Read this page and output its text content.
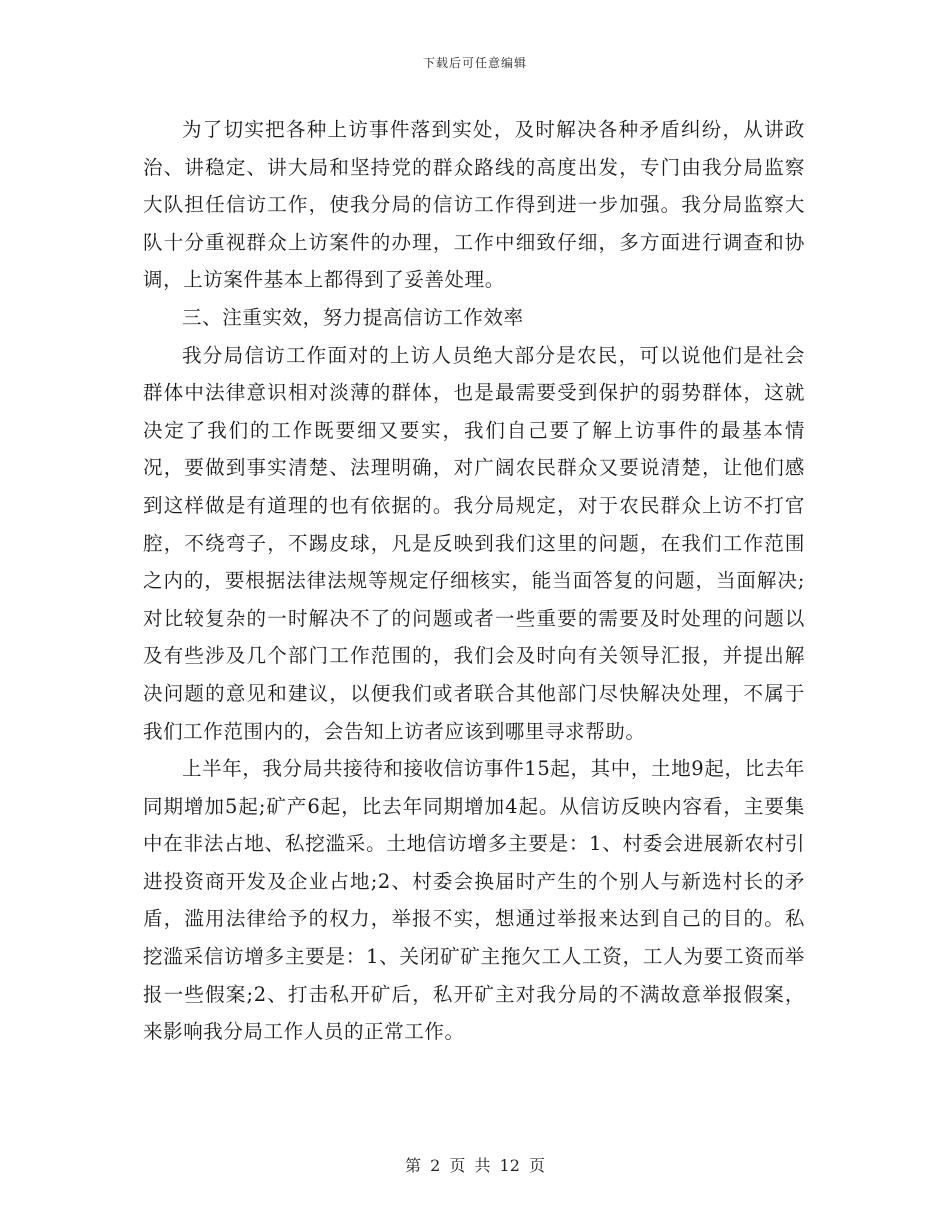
下载后可任意编辑

为了切实把各种上访事件落到实处，及时解决各种矛盾纠纷，从讲政治、讲稳定、讲大局和坚持党的群众路线的高度出发，专门由我分局监察大队担任信访工作，使我分局的信访工作得到进一步加强。我分局监察大队十分重视群众上访案件的办理，工作中细致仔细，多方面进行调查和协调，上访案件基本上都得到了妥善处理。

三、注重实效，努力提高信访工作效率

我分局信访工作面对的上访人员绝大部分是农民，可以说他们是社会群体中法律意识相对淡薄的群体，也是最需要受到保护的弱势群体，这就决定了我们的工作既要细又要实，我们自己要了解上访事件的最基本情况，要做到事实清楚、法理明确，对广阔农民群众又要说清楚，让他们感到这样做是有道理的也有依据的。我分局规定，对于农民群众上访不打官腔，不绕弯子，不踢皮球，凡是反映到我们这里的问题，在我们工作范围之内的，要根据法律法规等规定仔细核实，能当面答复的问题，当面解决;对比较复杂的一时解决不了的问题或者一些重要的需要及时处理的问题以及有些涉及几个部门工作范围的，我们会及时向有关领导汇报，并提出解决问题的意见和建议，以便我们或者联合其他部门尽快解决处理，不属于我们工作范围内的，会告知上访者应该到哪里寻求帮助。

上半年，我分局共接待和接收信访事件15起，其中，土地9起，比去年同期增加5起;矿产6起，比去年同期增加4起。从信访反映内容看，主要集中在非法占地、私挖滥采。土地信访增多主要是：1、村委会进展新农村引进投资商开发及企业占地;2、村委会换届时产生的个别人与新选村长的矛盾，滥用法律给予的权力，举报不实，想通过举报来达到自己的目的。私挖滥采信访增多主要是：1、关闭矿矿主拖欠工人工资，工人为要工资而举报一些假案;2、打击私开矿后，私开矿主对我分局的不满故意举报假案，来影响我分局工作人员的正常工作。

第 2 页 共 12 页
